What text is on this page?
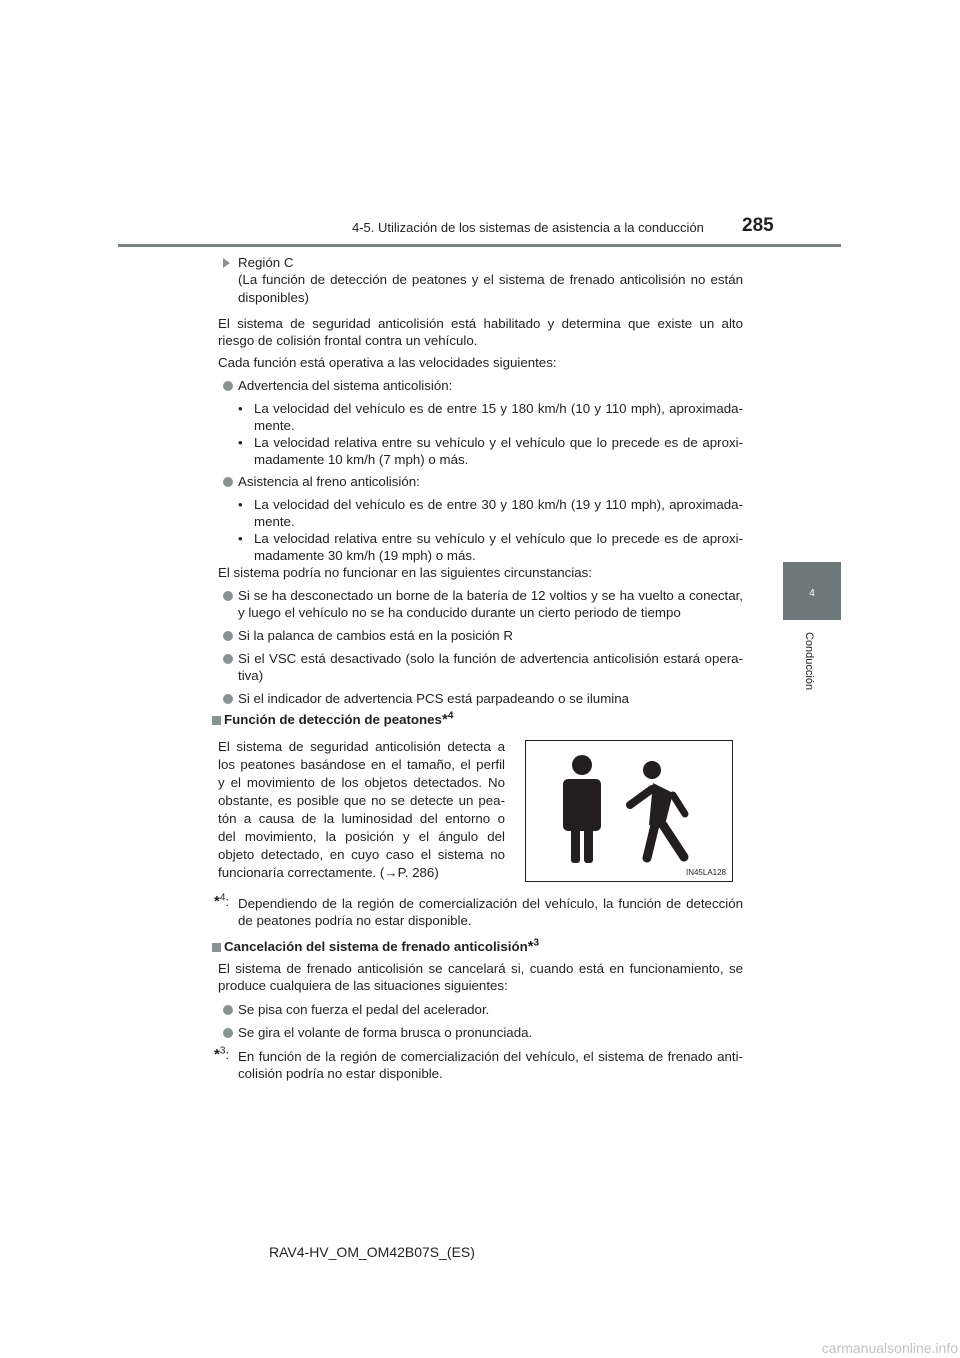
4-5. Utilización de los sistemas de asistencia a la conducción 285
4
Conducción
Región C
(La función de detección de peatones y el sistema de frenado anticolisión no están
disponibles)
El sistema de seguridad anticolisión está habilitado y determina que existe un alto
riesgo de colisión frontal contra un vehículo.
Cada función está operativa a las velocidades siguientes:
Advertencia del sistema anticolisión:
• La velocidad del vehículo es de entre 15 y 180 km/h (10 y 110 mph), aproximada-
mente.
• La velocidad relativa entre su vehículo y el vehículo que lo precede es de aproxi-
madamente 10 km/h (7 mph) o más.
Asistencia al freno anticolisión:
• La velocidad del vehículo es de entre 30 y 180 km/h (19 y 110 mph), aproximada-
mente.
• La velocidad relativa entre su vehículo y el vehículo que lo precede es de aproxi-
madamente 30 km/h (19 mph) o más.
El sistema podría no funcionar en las siguientes circunstancias:
Si se ha desconectado un borne de la batería de 12 voltios y se ha vuelto a conectar,
y luego el vehículo no se ha conducido durante un cierto periodo de tiempo
Si la palanca de cambios está en la posición R
Si el VSC está desactivado (solo la función de advertencia anticolisión estará opera-
tiva)
Si el indicador de advertencia PCS está parpadeando o se ilumina
Función de detección de peatones*$^4$
El sistema de seguridad anticolisión detecta a
los peatones basándose en el tamaño, el perfil
y el movimiento de los objetos detectados. No
obstante, es posible que no se detecte un pea-
tón a causa de la luminosidad del entorno o
del movimiento, la posición y el ángulo del
objeto detectado, en cuyo caso el sistema no
funcionaría correctamente. (→P. 286)	IN45LA128
*$^4$: Dependiendo de la región de comercialización del vehículo, la función de detección
de peatones podría no estar disponible.
Cancelación del sistema de frenado anticolisión*$^3$
El sistema de frenado anticolisión se cancelará si, cuando está en funcionamiento, se
produce cualquiera de las situaciones siguientes:
Se pisa con fuerza el pedal del acelerador.
Se gira el volante de forma brusca o pronunciada.
*$^3$: En función de la región de comercialización del vehículo, el sistema de frenado anti-
colisión podría no estar disponible.
RAV4-HV_OM_OM42B07S_(ES)
carmanualsonline.info
